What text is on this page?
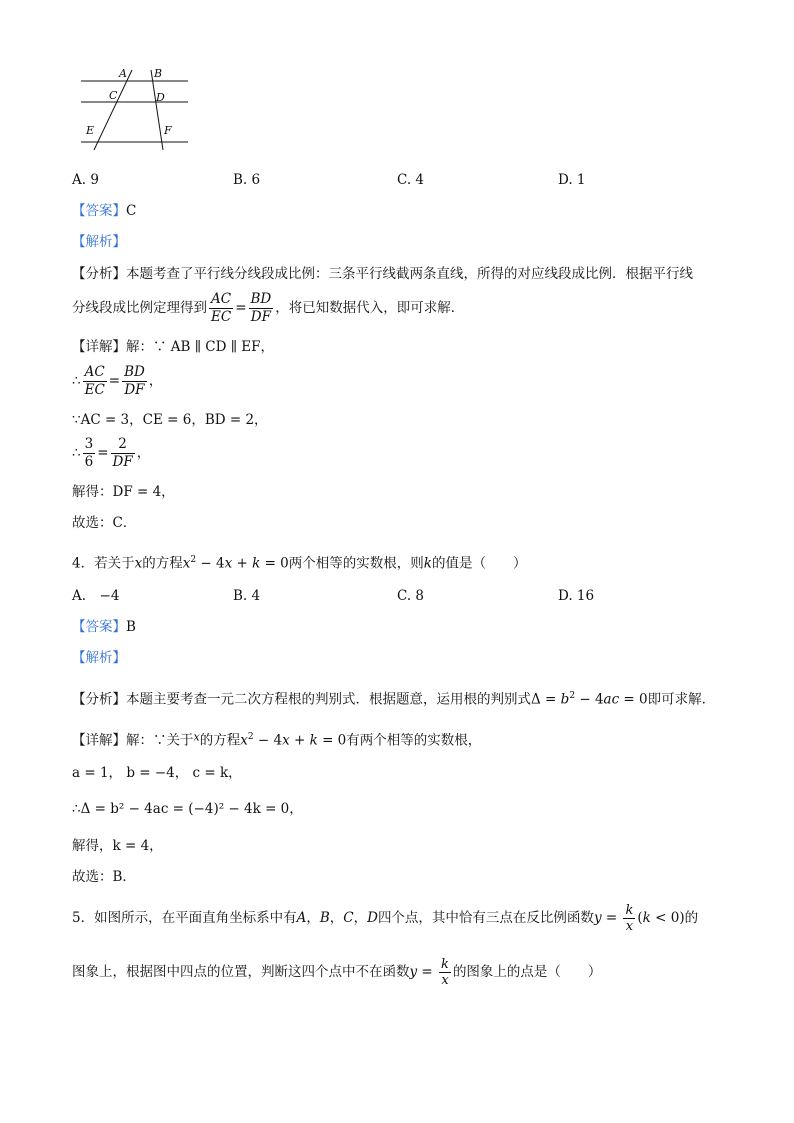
A B
C	D
E	F
A. 9	B. 6	C. 4	D. 1
【答案】C
【解析】
【分析】本题考查了平行线分线段成比例：三条平行线截两条直线，所得的对应线段成比例．根据平行线
分线段成比例定理得到 $\frac{AC}{EC} = \frac{BD}{DF}$ ，将已知数据代入，即可求解．
【详解】解：∵ AB ∥ CD ∥ EF，
∴ $\frac{AC}{EC} = \frac{BD}{DF}$ ，
∵AC = 3，CE = 6，BD = 2，
∴ $\frac{3}{6} = \frac{2}{DF}$ ，
解得：DF = 4，
故选：C．
4．若关于x的方程$x^2 - 4x + k = 0$两个相等的实数根，则k的值是（　　）
A.　−4	B. 4	C. 8	D. 16
【答案】B
【解析】
【分析】本题主要考查一元二次方程根的判别式．根据题意，运用根的判别式$\Delta = b^2 - 4ac = 0$即可求解．
【详解】解：∵关于$^x$的方程$x^2 - 4x + k = 0$有两个相等的实数根，
a = 1， b = −4， c = k，
∴Δ = b² − 4ac = (−4)² − 4k = 0，
解得，k = 4，
故选：B．
5．如图所示，在平面直角坐标系中有A，B，C，D四个点，其中恰有三点在反比例函数$y = \frac{k}{x} (k < 0)$的
图象上，根据图中四点的位置，判断这四个点中不在函数$y = \frac{k}{x}$ 的图象上的点是（　　）
